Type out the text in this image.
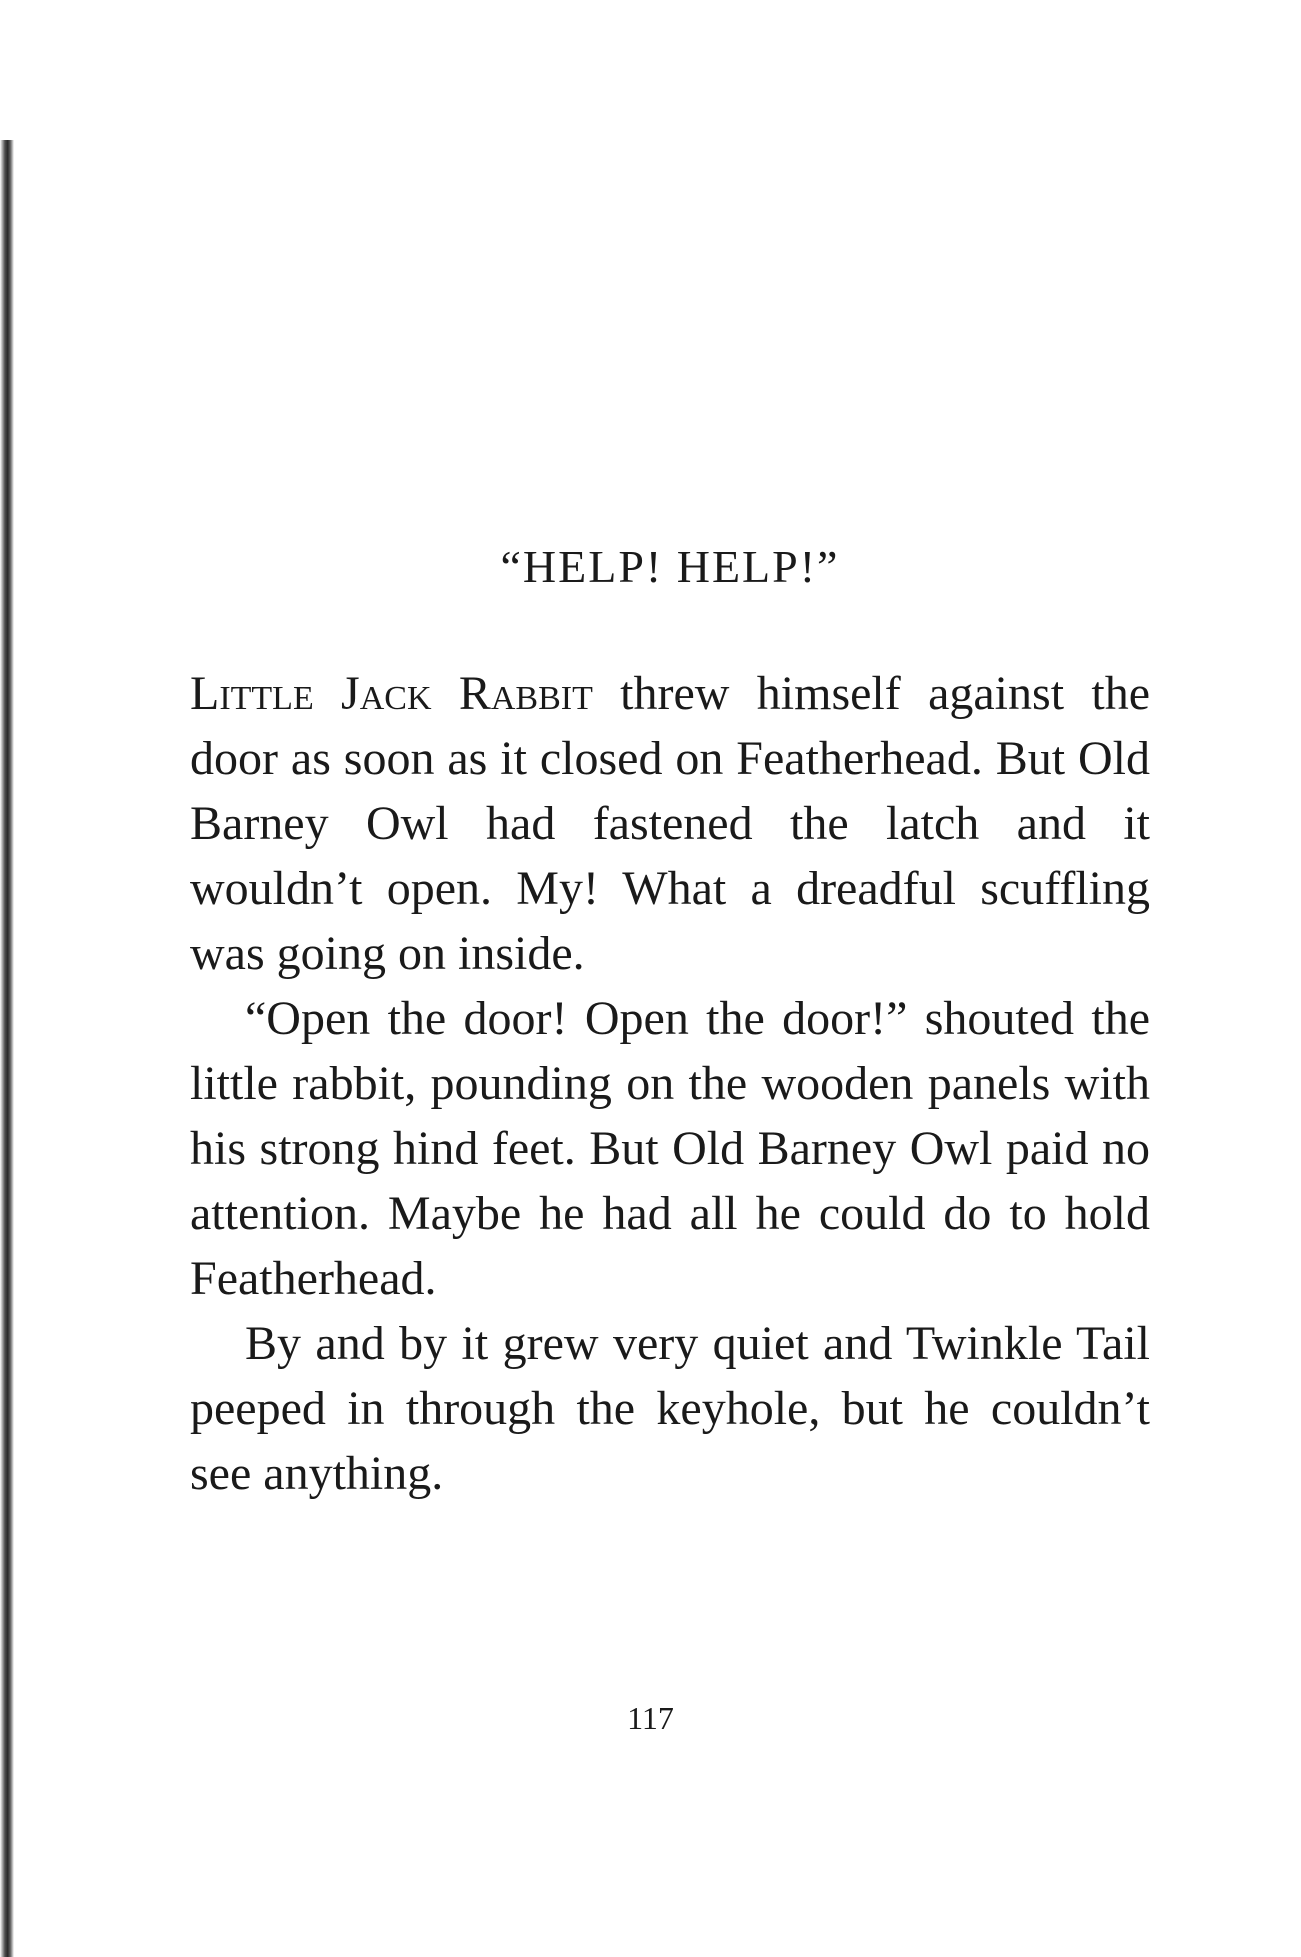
“HELP! HELP!”

Little Jack Rabbit threw himself against the door as soon as it closed on Featherhead. But Old Barney Owl had fastened the latch and it wouldn’t open. My! What a dreadful scuffling was going on inside.

“Open the door! Open the door!” shouted the little rabbit, pounding on the wooden panels with his strong hind feet. But Old Barney Owl paid no attention. Maybe he had all he could do to hold Featherhead.

By and by it grew very quiet and Twinkle Tail peeped in through the keyhole, but he couldn’t see anything.

117
